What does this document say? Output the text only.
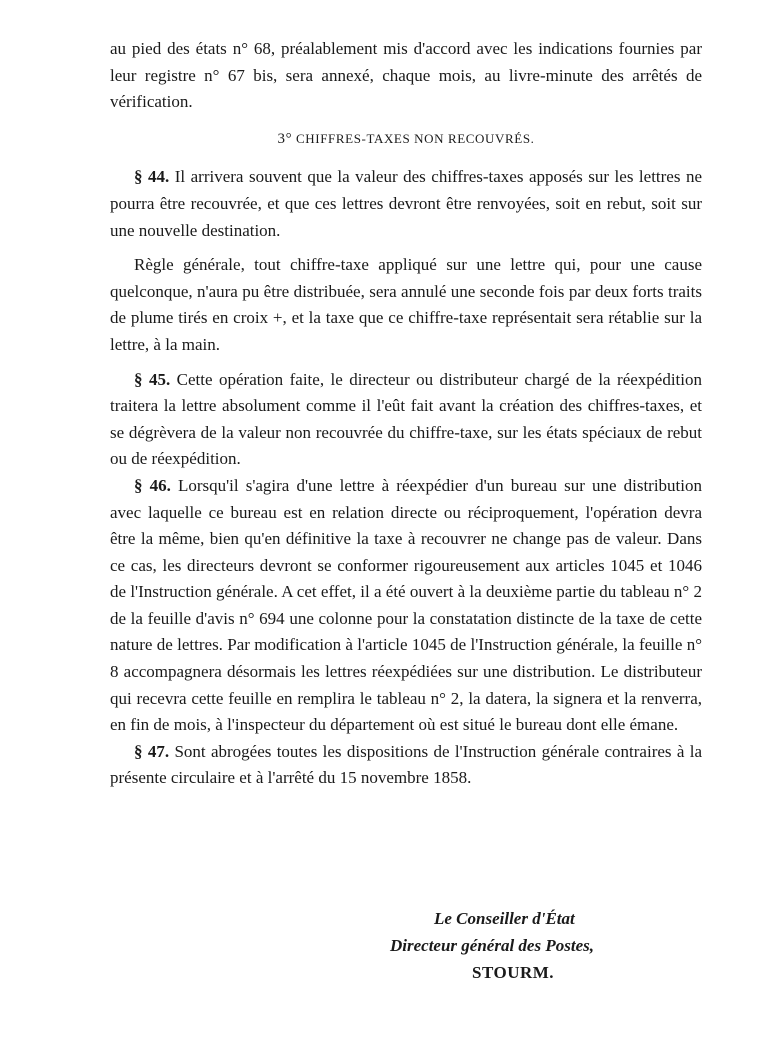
au pied des états n° 68, préalablement mis d'accord avec les indications fournies par leur registre n° 67 bis, sera annexé, chaque mois, au livre-minute des arrêtés de vérification.

3° CHIFFRES-TAXES NON RECOUVRÉS.

§ 44. Il arrivera souvent que la valeur des chiffres-taxes apposés sur les lettres ne pourra être recouvrée, et que ces lettres devront être renvoyées, soit en rebut, soit sur une nouvelle destination.

Règle générale, tout chiffre-taxe appliqué sur une lettre qui, pour une cause quelconque, n'aura pu être distribuée, sera annulé une seconde fois par deux forts traits de plume tirés en croix +, et la taxe que ce chiffre-taxe représentait sera rétablie sur la lettre, à la main.

§ 45. Cette opération faite, le directeur ou distributeur chargé de la réexpédition traitera la lettre absolument comme il l'eût fait avant la création des chiffres-taxes, et se dégrèvera de la valeur non recouvrée du chiffre-taxe, sur les états spéciaux de rebut ou de réexpédition.

§ 46. Lorsqu'il s'agira d'une lettre à réexpédier d'un bureau sur une distribution avec laquelle ce bureau est en relation directe ou réciproquement, l'opération devra être la même, bien qu'en définitive la taxe à recouvrer ne change pas de valeur. Dans ce cas, les directeurs devront se conformer rigoureusement aux articles 1045 et 1046 de l'Instruction générale. A cet effet, il a été ouvert à la deuxième partie du tableau n° 2 de la feuille d'avis n° 694 une colonne pour la constatation distincte de la taxe de cette nature de lettres. Par modification à l'article 1045 de l'Instruction générale, la feuille n° 8 accompagnera désormais les lettres réexpédiées sur une distribution. Le distributeur qui recevra cette feuille en remplira le tableau n° 2, la datera, la signera et la renverra, en fin de mois, à l'inspecteur du département où est situé le bureau dont elle émane.

§ 47. Sont abrogées toutes les dispositions de l'Instruction générale contraires à la présente circulaire et à l'arrêté du 15 novembre 1858.

Le Conseiller d'État
Directeur général des Postes,
STOURM.
